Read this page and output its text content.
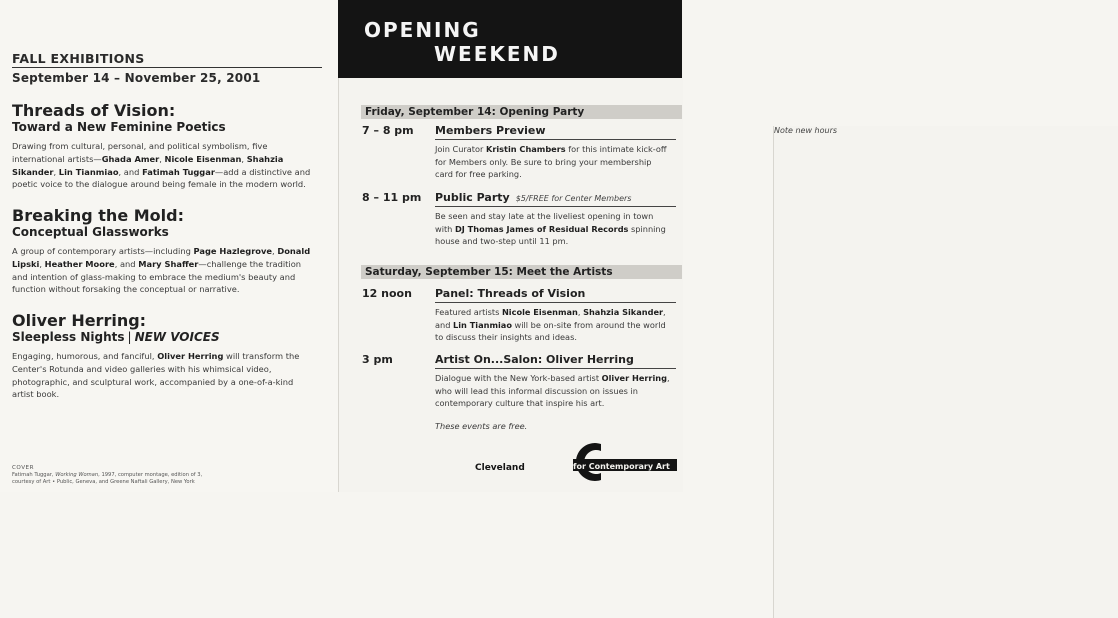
FALL EXHIBITIONS
September 14 – November 25, 2001
Threads of Vision:
Toward a New Feminine Poetics
Drawing from cultural, personal, and political symbolism, five international artists—Ghada Amer, Nicole Eisenman, Shahzia Sikander, Lin Tianmiao, and Fatimah Tuggar—add a distinctive and poetic voice to the dialogue around being female in the modern world.
Breaking the Mold:
Conceptual Glassworks
A group of contemporary artists—including Page Hazlegrove, Donald Lipski, Heather Moore, and Mary Shaffer—challenge the tradition and intention of glass-making to embrace the medium's beauty and function without forsaking the conceptual or narrative.
Oliver Herring:
Sleepless Nights | NEW VOICES
Engaging, humorous, and fanciful, Oliver Herring will transform the Center's Rotunda and video galleries with his whimsical video, photographic, and sculptural work, accompanied by a one-of-a-kind artist book.
COVER
Fatimah Tuggar, Working Woman, 1997, computer montage, edition of 3,
courtesy of Art • Public, Geneva, and Greene Naftali Gallery, New York
OPENING
WEEKEND
Friday, September 14: Opening Party
7 – 8 pm Members Preview	Note new hours
Join Curator Kristin Chambers for this intimate kick-off for Members only. Be sure to bring your membership card for free parking.
8 – 11 pm Public Party $5/FREE for Center Members
Be seen and stay late at the liveliest opening in town with DJ Thomas James of Residual Records spinning house and two-step until 11 pm.
Saturday, September 15: Meet the Artists
12 noon Panel: Threads of Vision
Featured artists Nicole Eisenman, Shahzia Sikander, and Lin Tianmiao will be on-site from around the world to discuss their insights and ideas.
3 pm	Artist On...Salon: Oliver Herring
Dialogue with the New York-based artist Oliver Herring, who will lead this informal discussion on issues in contemporary culture that inspire his art.
These events are free.
Cleveland Center for Contemporary Art
